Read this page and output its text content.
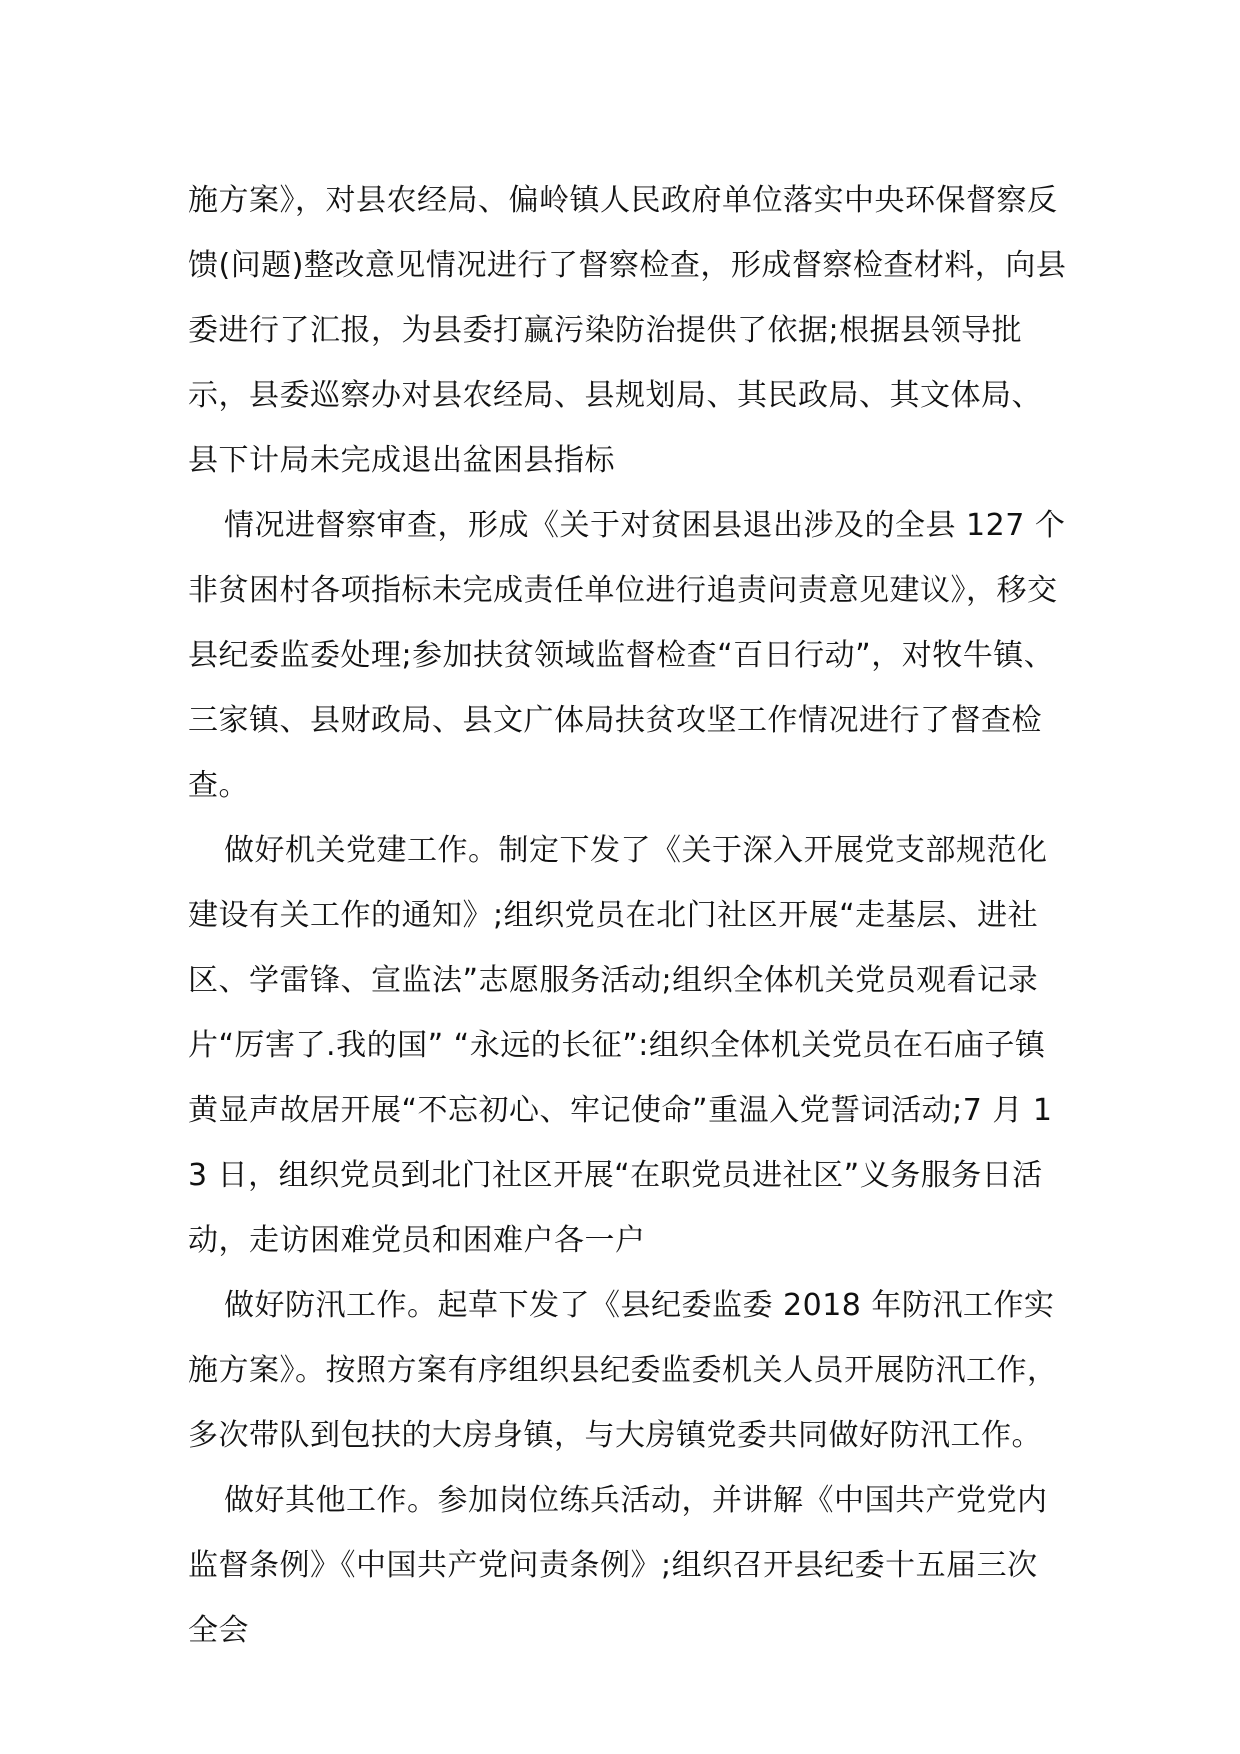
施方案》，对县农经局、偏岭镇人民政府单位落实中央环保督察反馈(问题)整改意见情况进行了督察检查，形成督察检查材料，向县委进行了汇报，为县委打赢污染防治提供了依据;根据县领导批示，县委巡察办对县农经局、县规划局、其民政局、其文体局、县下计局未完成退出盆困县指标

情况进督察审查，形成《关于对贫困县退出涉及的全县 127 个非贫困村各项指标未完成责任单位进行追责问责意见建议》，移交县纪委监委处理;参加扶贫领域监督检查“百日行动”，对牧牛镇、三家镇、县财政局、县文广体局扶贫攻坚工作情况进行了督查检查。

做好机关党建工作。制定下发了《关于深入开展党支部规范化建设有关工作的通知》;组织党员在北门社区开展“走基层、进社区、学雷锋、宣监法”志愿服务活动;组织全体机关党员观看记录片“厉害了.我的国” “永远的长征”:组织全体机关党员在石庙子镇黄显声故居开展“不忘初心、牢记使命”重温入党誓词活动;7 月 13 日，组织党员到北门社区开展“在职党员进社区”义务服务日活动，走访困难党员和困难户各一户

做好防汛工作。起草下发了《县纪委监委 2018 年防汛工作实施方案》。按照方案有序组织县纪委监委机关人员开展防汛工作，多次带队到包扶的大房身镇，与大房镇党委共同做好防汛工作。

做好其他工作。参加岗位练兵活动，并讲解《中国共产党党内监督条例》《中国共产党问责条例》;组织召开县纪委十五届三次全会
